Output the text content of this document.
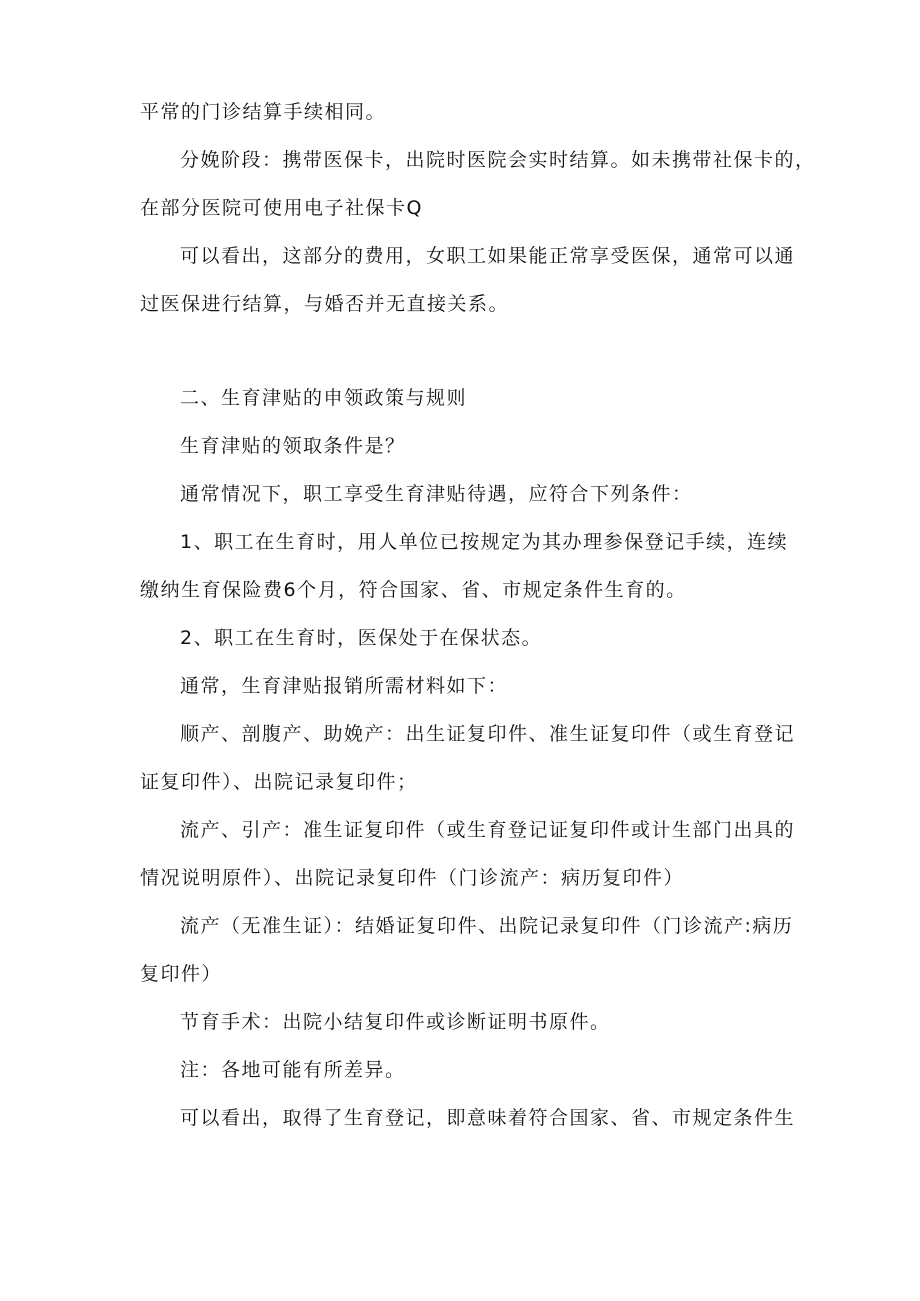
平常的门诊结算手续相同。
分娩阶段：携带医保卡，出院时医院会实时结算。如未携带社保卡的，
在部分医院可使用电子社保卡Q
可以看出，这部分的费用，女职工如果能正常享受医保，通常可以通
过医保进行结算，与婚否并无直接关系。
二、生育津贴的申领政策与规则
生育津贴的领取条件是？
通常情况下，职工享受生育津贴待遇，应符合下列条件：
1、职工在生育时，用人单位已按规定为其办理参保登记手续，连续
缴纳生育保险费6个月，符合国家、省、市规定条件生育的。
2、职工在生育时，医保处于在保状态。
通常，生育津贴报销所需材料如下：
顺产、剖腹产、助娩产：出生证复印件、准生证复印件（或生育登记
证复印件）、出院记录复印件；
流产、引产：准生证复印件（或生育登记证复印件或计生部门出具的
情况说明原件）、出院记录复印件（门诊流产：病历复印件）
流产（无准生证）：结婚证复印件、出院记录复印件（门诊流产:病历
复印件）
节育手术：出院小结复印件或诊断证明书原件。
注：各地可能有所差异。
可以看出，取得了生育登记，即意味着符合国家、省、市规定条件生
